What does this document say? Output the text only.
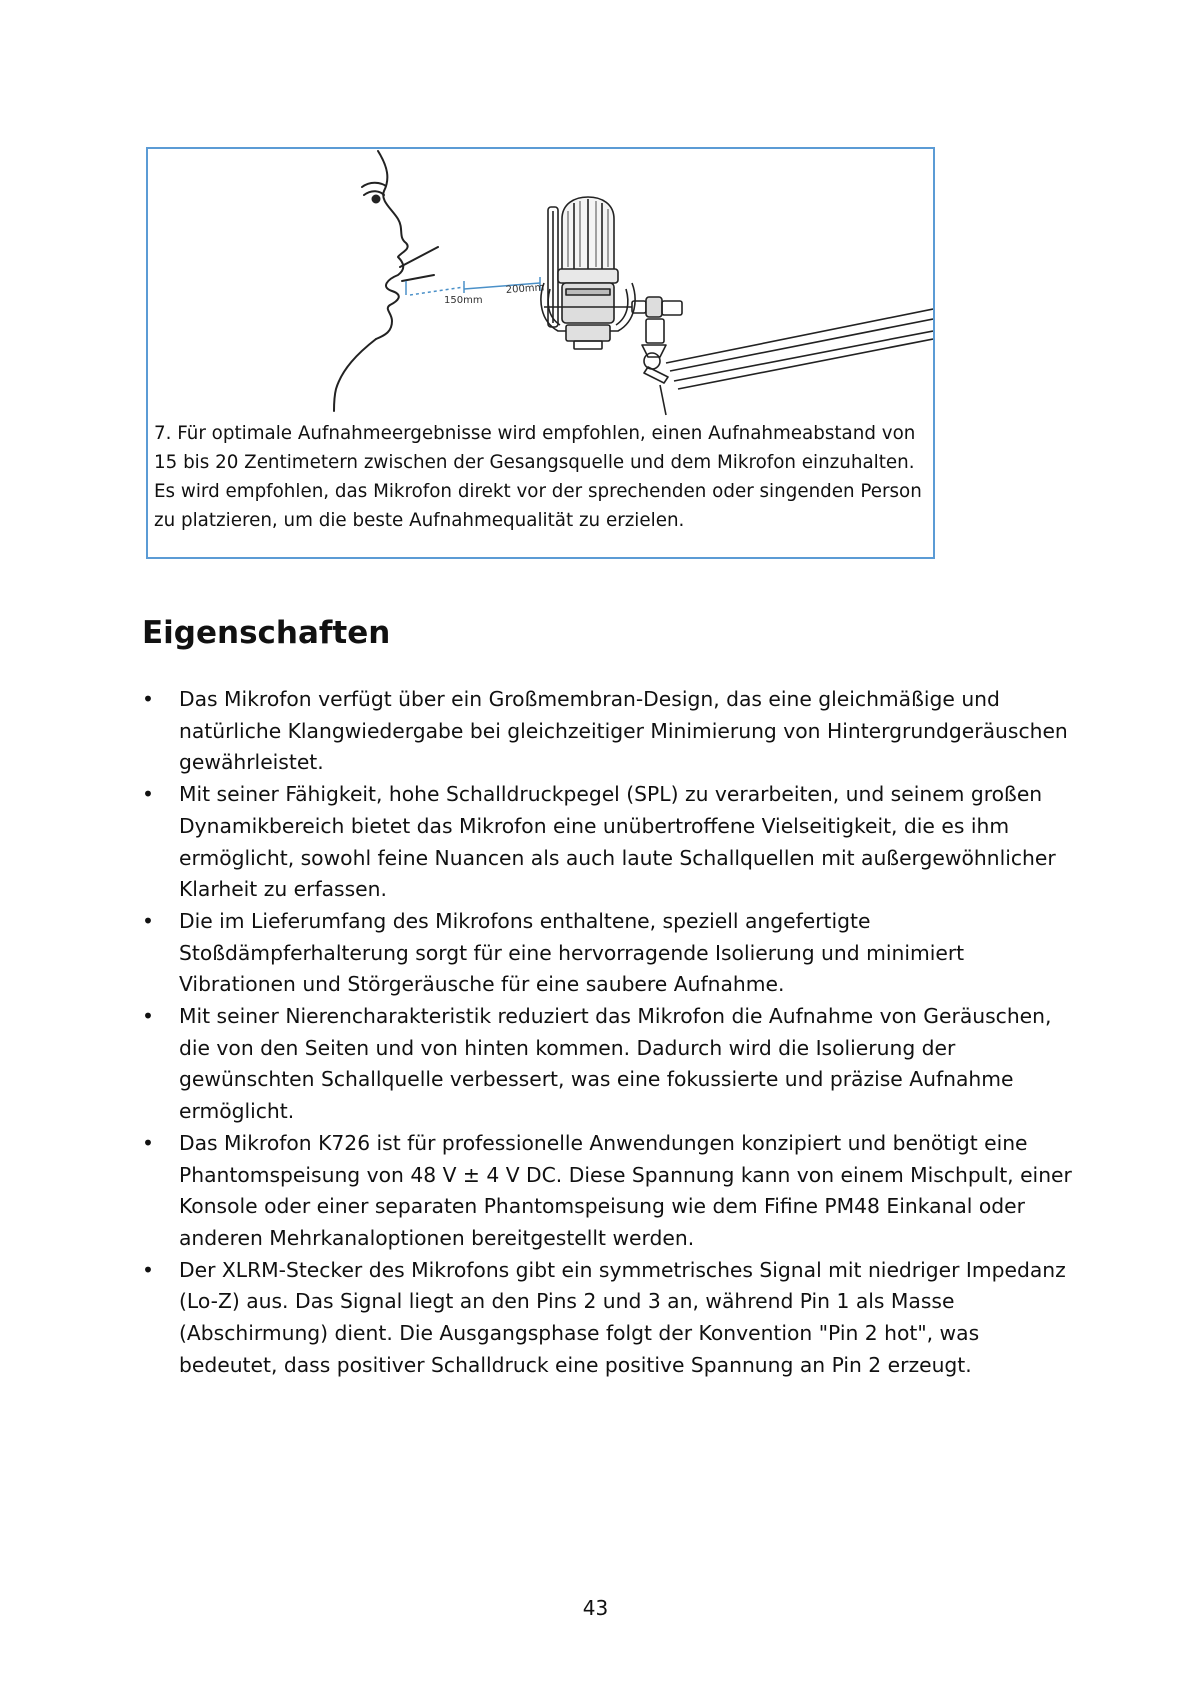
150mm
200mm
7. Für optimale Aufnahmeergebnisse wird empfohlen, einen Aufnahmeabstand von 15 bis 20 Zentimetern zwischen der Gesangsquelle und dem Mikrofon einzuhalten. Es wird empfohlen, das Mikrofon direkt vor der sprechenden oder singenden Person zu platzieren, um die beste Aufnahmequalität zu erzielen.
Eigenschaften
•	Das Mikrofon verfügt über ein Großmembran-Design, das eine gleichmäßige und natürliche Klangwiedergabe bei gleichzeitiger Minimierung von Hintergrundgeräuschen gewährleistet.
•	Mit seiner Fähigkeit, hohe Schalldruckpegel (SPL) zu verarbeiten, und seinem großen Dynamikbereich bietet das Mikrofon eine unübertroffene Vielseitigkeit, die es ihm ermöglicht, sowohl feine Nuancen als auch laute Schallquellen mit außergewöhnlicher Klarheit zu erfassen.
•	Die im Lieferumfang des Mikrofons enthaltene, speziell angefertigte Stoßdämpferhalterung sorgt für eine hervorragende Isolierung und minimiert Vibrationen und Störgeräusche für eine saubere Aufnahme.
•	Mit seiner Nierencharakteristik reduziert das Mikrofon die Aufnahme von Geräuschen, die von den Seiten und von hinten kommen. Dadurch wird die Isolierung der gewünschten Schallquelle verbessert, was eine fokussierte und präzise Aufnahme ermöglicht.
•	Das Mikrofon K726 ist für professionelle Anwendungen konzipiert und benötigt eine Phantomspeisung von 48 V ± 4 V DC. Diese Spannung kann von einem Mischpult, einer Konsole oder einer separaten Phantomspeisung wie dem Fifine PM48 Einkanal oder anderen Mehrkanaloptionen bereitgestellt werden.
•	Der XLRM-Stecker des Mikrofons gibt ein symmetrisches Signal mit niedriger Impedanz (Lo-Z) aus. Das Signal liegt an den Pins 2 und 3 an, während Pin 1 als Masse (Abschirmung) dient. Die Ausgangsphase folgt der Konvention "Pin 2 hot", was bedeutet, dass positiver Schalldruck eine positive Spannung an Pin 2 erzeugt.
43
